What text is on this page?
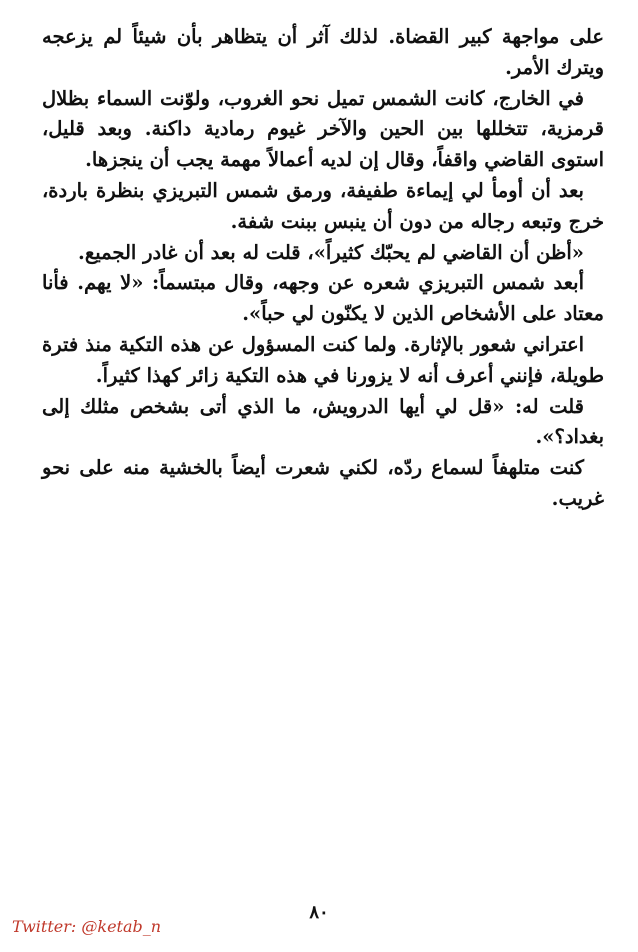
على مواجهة كبير القضاة. لذلك آثر أن يتظاهر بأن شيئاً لم يزعجه ويترك الأمر.

في الخارج، كانت الشمس تميل نحو الغروب، ولوّنت السماء بظلال قرمزية، تتخللها بين الحين والآخر غيوم رمادية داكنة. وبعد قليل، استوى القاضي واقفاً، وقال إن لديه أعمالاً مهمة يجب أن ينجزها.

بعد أن أومأ لي إيماءة طفيفة، ورمق شمس التبريزي بنظرة باردة، خرج وتبعه رجاله من دون أن ينبس ببنت شفة.

«أظن أن القاضي لم يحبّك كثيراً»، قلت له بعد أن غادر الجميع.

أبعد شمس التبريزي شعره عن وجهه، وقال مبتسماً: «لا يهم. فأنا معتاد على الأشخاص الذين لا يكنّون لي حباً».

اعتراني شعور بالإثارة. ولما كنت المسؤول عن هذه التكية منذ فترة طويلة، فإنني أعرف أنه لا يزورنا في هذه التكية زائر كهذا كثيراً.

قلت له: «قل لي أيها الدرويش، ما الذي أتى بشخص مثلك إلى بغداد؟».

كنت متلهفاً لسماع ردّه، لكني شعرت أيضاً بالخشية منه على نحو غريب.

٨٠
Twitter: @ketab_n
